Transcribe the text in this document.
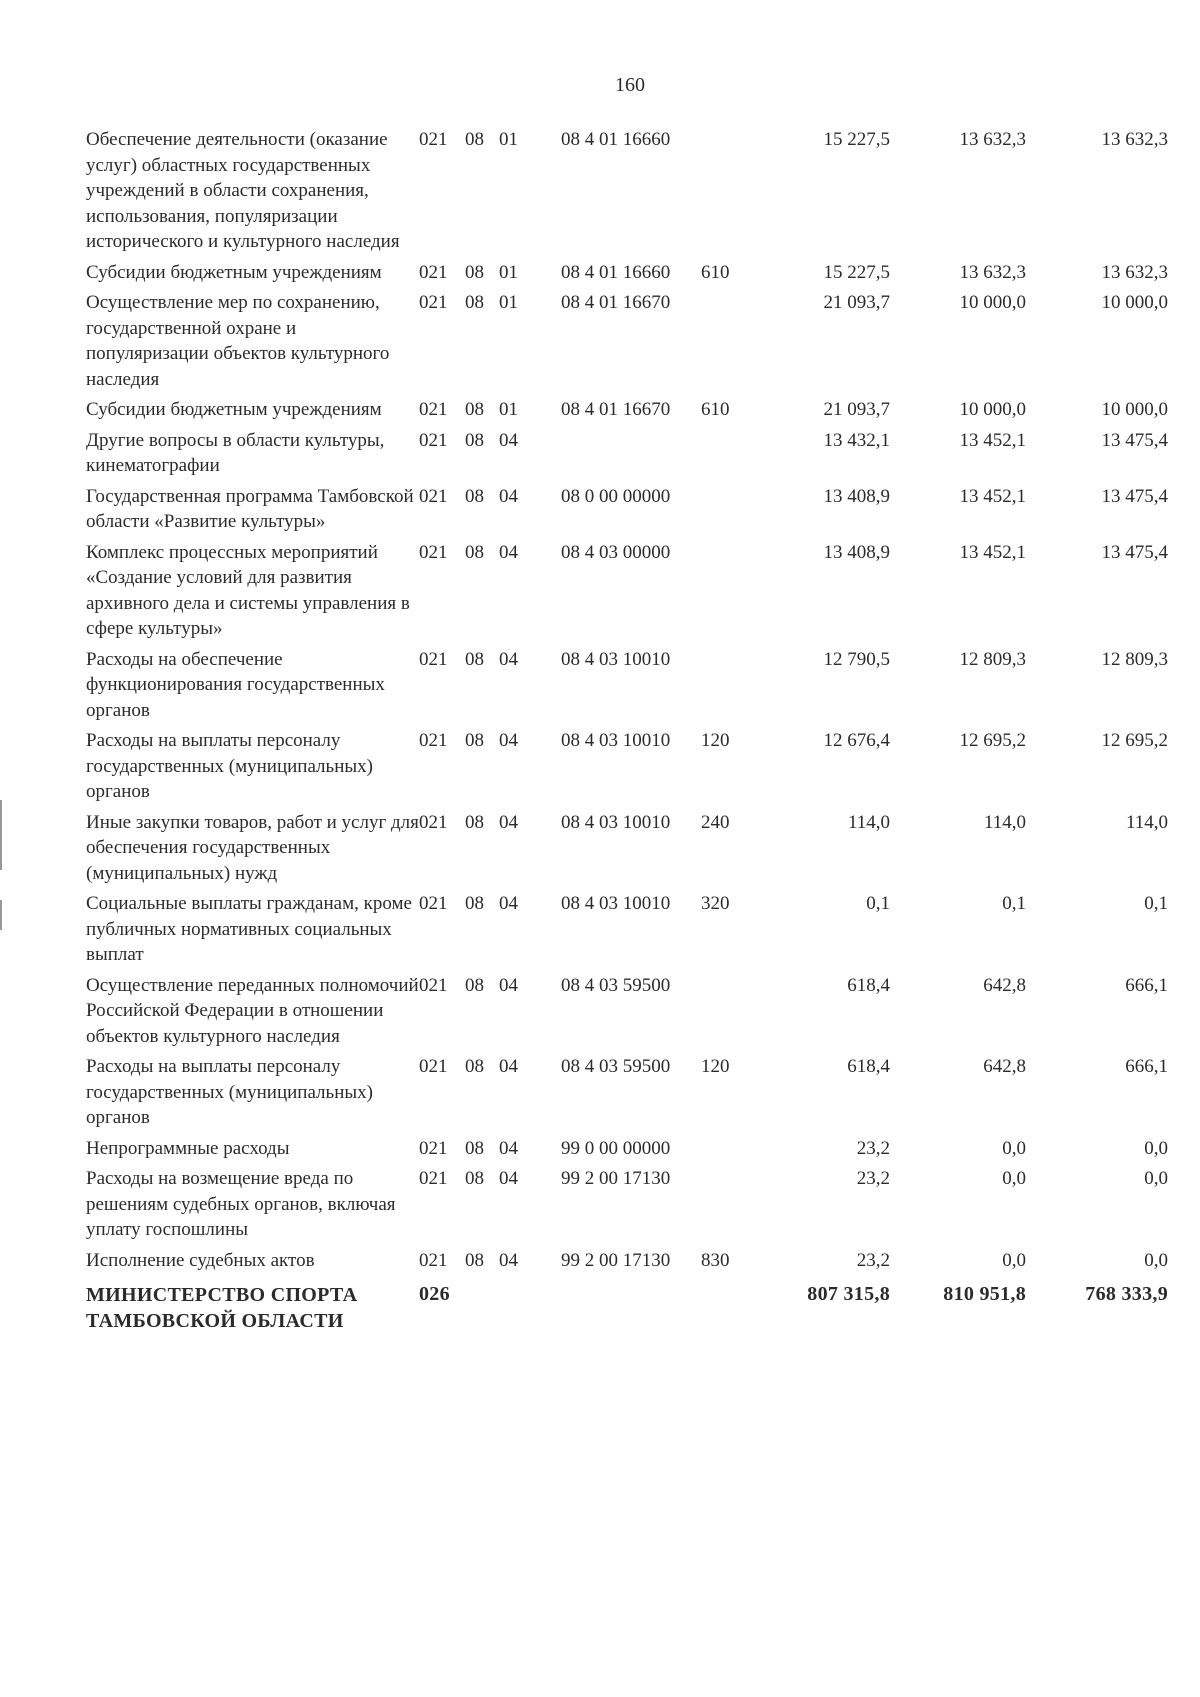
160
Обеспечение деятельности (оказание услуг) областных государственных учреждений в области сохранения, использования, популяризации исторического и культурного наследия	021	08	01	08 4 01 16660		15 227,5	13 632,3	13 632,3
Субсидии бюджетным учреждениям	021	08	01	08 4 01 16660	610	15 227,5	13 632,3	13 632,3
Осуществление мер по сохранению, государственной охране и популяризации объектов культурного наследия	021	08	01	08 4 01 16670		21 093,7	10 000,0	10 000,0
Субсидии бюджетным учреждениям	021	08	01	08 4 01 16670	610	21 093,7	10 000,0	10 000,0
Другие вопросы в области культуры, кинематографии	021	08	04			13 432,1	13 452,1	13 475,4
Государственная программа Тамбовской области «Развитие культуры»	021	08	04	08 0 00 00000		13 408,9	13 452,1	13 475,4
Комплекс процессных мероприятий «Создание условий для развития архивного дела и системы управления в сфере культуры»	021	08	04	08 4 03 00000		13 408,9	13 452,1	13 475,4
Расходы на обеспечение функционирования государственных органов	021	08	04	08 4 03 10010		12 790,5	12 809,3	12 809,3
Расходы на выплаты персоналу государственных (муниципальных) органов	021	08	04	08 4 03 10010	120	12 676,4	12 695,2	12 695,2
Иные закупки товаров, работ и услуг для обеспечения государственных (муниципальных) нужд	021	08	04	08 4 03 10010	240	114,0	114,0	114,0
Социальные выплаты гражданам, кроме публичных нормативных социальных выплат	021	08	04	08 4 03 10010	320	0,1	0,1	0,1
Осуществление переданных полномочий Российской Федерации в отношении объектов культурного наследия	021	08	04	08 4 03 59500		618,4	642,8	666,1
Расходы на выплаты персоналу государственных (муниципальных) органов	021	08	04	08 4 03 59500	120	618,4	642,8	666,1
Непрограммные расходы	021	08	04	99 0 00 00000		23,2	0,0	0,0
Расходы на возмещение вреда по решениям судебных органов, включая уплату госпошлины	021	08	04	99 2 00 17130		23,2	0,0	0,0
Исполнение судебных актов	021	08	04	99 2 00 17130	830	23,2	0,0	0,0
МИНИСТЕРСТВО СПОРТА ТАМБОВСКОЙ ОБЛАСТИ	026					807 315,8	810 951,8	768 333,9
